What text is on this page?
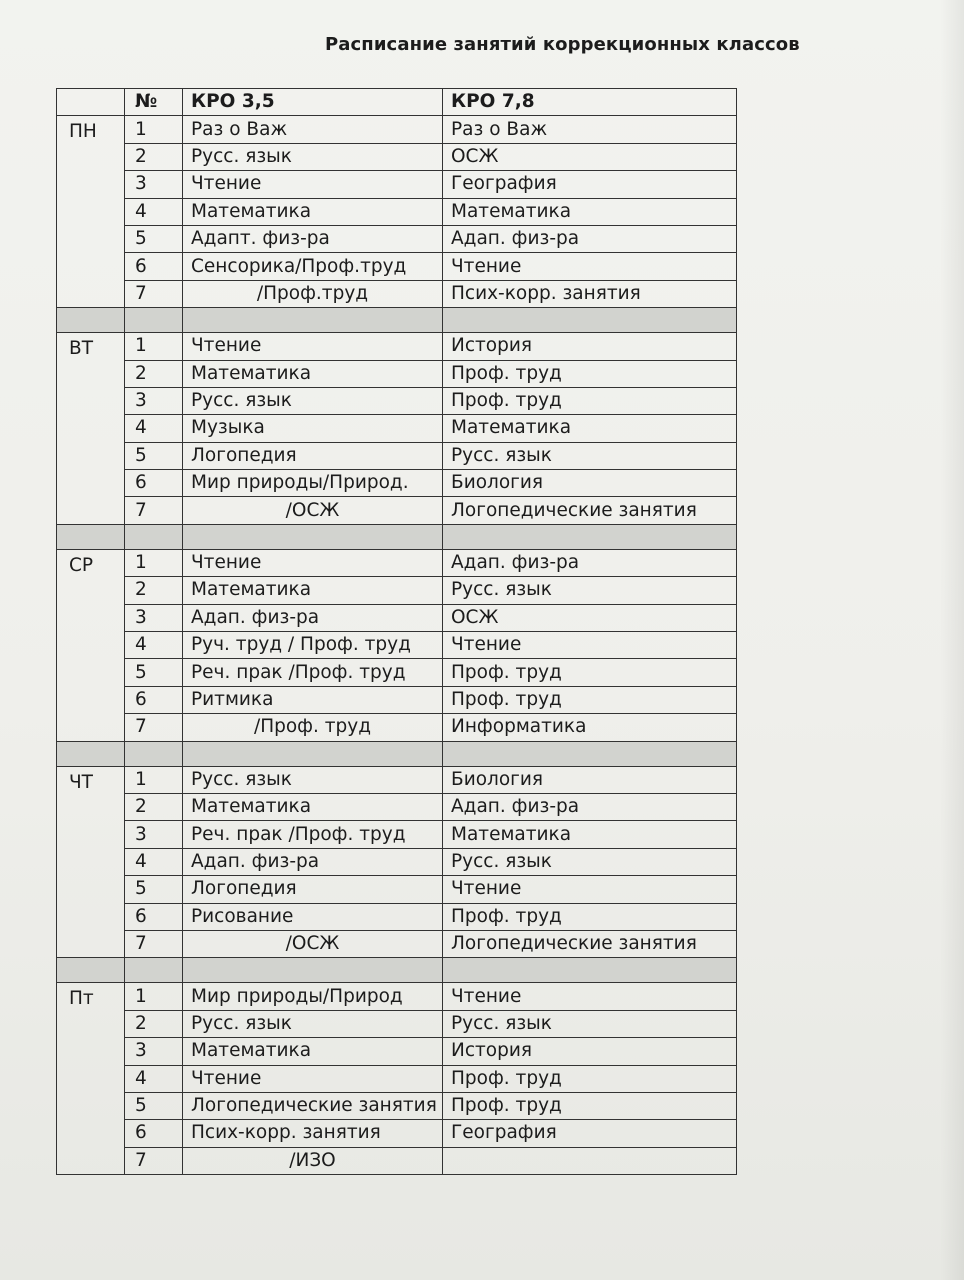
Расписание занятий коррекционных классов
	№	КРО 3,5	КРО 7,8
ПН	1	Раз о Важ	Раз о Важ
	2	Русс. язык	ОСЖ
	3	Чтение	География
	4	Математика	Математика
	5	Адапт. физ-ра	Адап. физ-ра
	6	Сенсорика/Проф.труд	Чтение
	7	/Проф.труд	Псих-корр. занятия

ВТ	1	Чтение	История
	2	Математика	Проф. труд
	3	Русс. язык	Проф. труд
	4	Музыка	Математика
	5	Логопедия	Русс. язык
	6	Мир природы/Природ.	Биология
	7	/ОСЖ	Логопедические занятия

СР	1	Чтение	Адап. физ-ра
	2	Математика	Русс. язык
	3	Адап. физ-ра	ОСЖ
	4	Руч. труд / Проф. труд	Чтение
	5	Реч. прак /Проф. труд	Проф. труд
	6	Ритмика	Проф. труд
	7	/Проф. труд	Информатика

ЧТ	1	Русс. язык	Биология
	2	Математика	Адап. физ-ра
	3	Реч. прак /Проф. труд	Математика
	4	Адап. физ-ра	Русс. язык
	5	Логопедия	Чтение
	6	Рисование	Проф. труд
	7	/ОСЖ	Логопедические занятия

Пт	1	Мир природы/Природ	Чтение
	2	Русс. язык	Русс. язык
	3	Математика	История
	4	Чтение	Проф. труд
	5	Логопедические занятия	Проф. труд
	6	Псих-корр. занятия	География
	7	/ИЗО	
